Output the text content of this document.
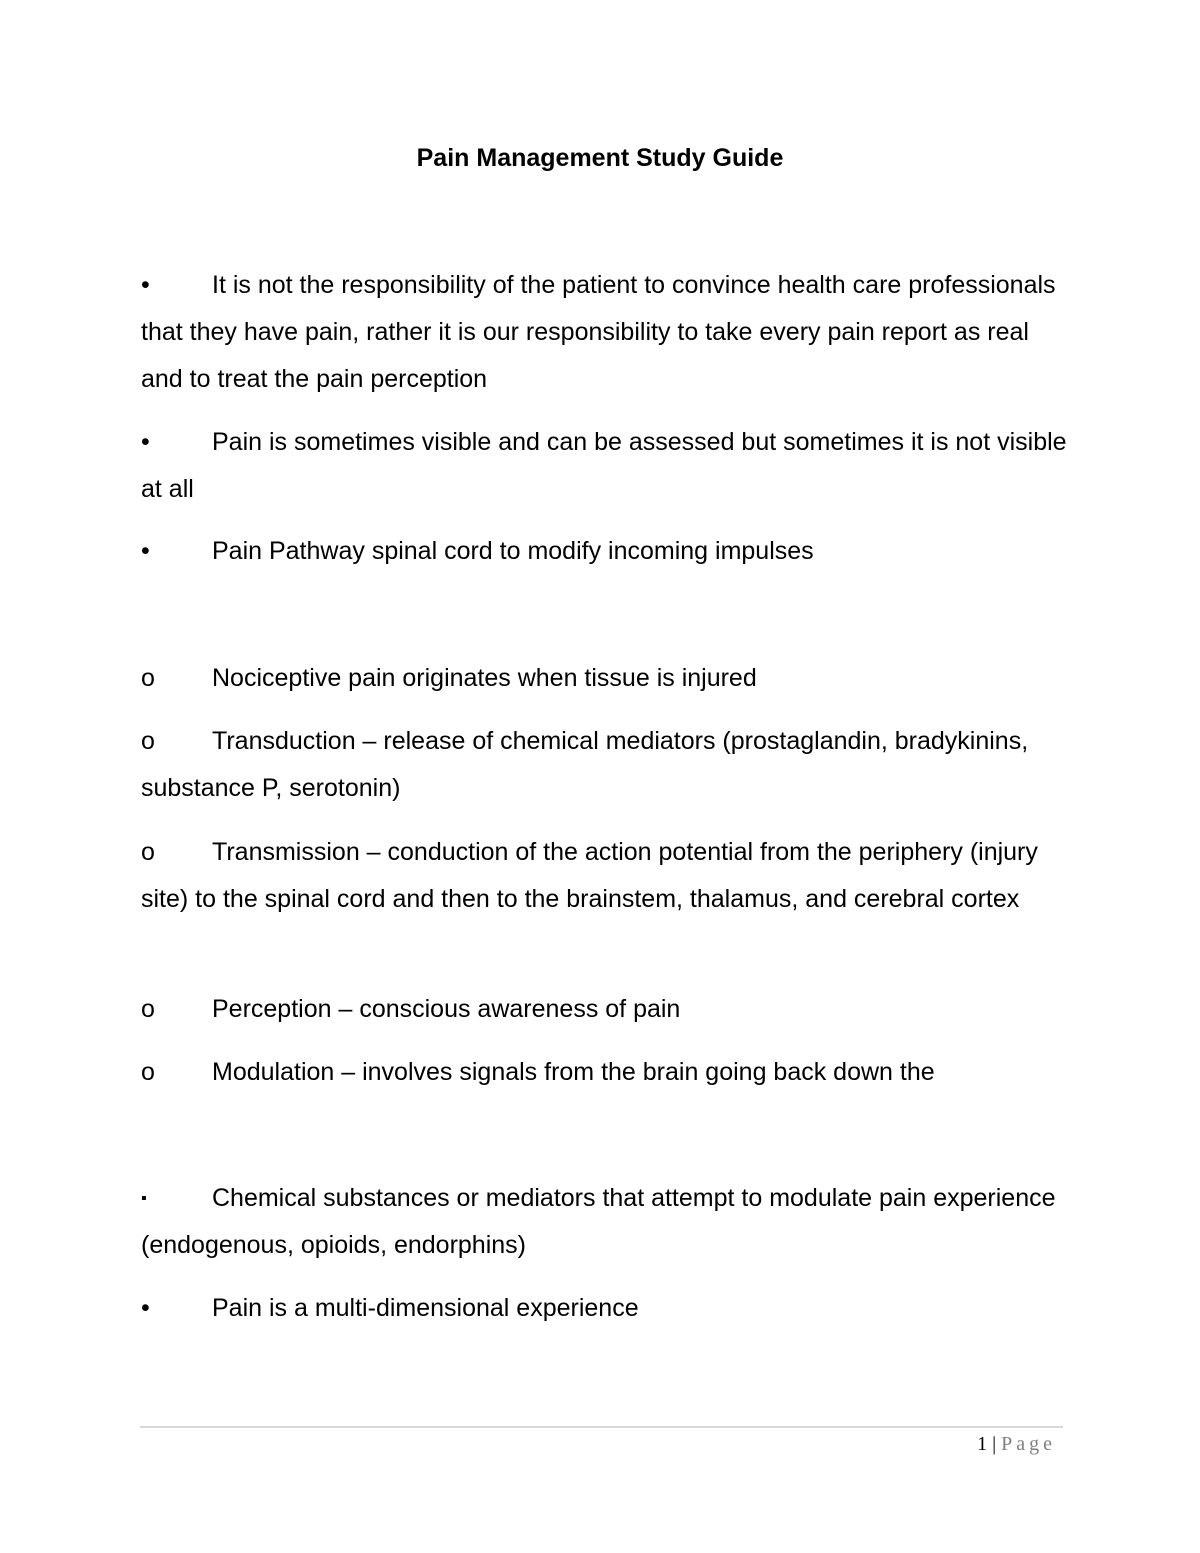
Pain Management Study Guide
•	It is not the responsibility of the patient to convince health care professionals that they have pain, rather it is our responsibility to take every pain report as real and to treat the pain perception
•	Pain is sometimes visible and can be assessed but sometimes it is not visible at all
•	Pain Pathway spinal cord to modify incoming impulses
o	Nociceptive pain originates when tissue is injured
o	Transduction – release of chemical mediators (prostaglandin, bradykinins, substance P, serotonin)
o	Transmission – conduction of the action potential from the periphery (injury site) to the spinal cord and then to the brainstem, thalamus, and cerebral cortex
o	Perception – conscious awareness of pain
o	Modulation – involves signals from the brain going back down the
▪	Chemical substances or mediators that attempt to modulate pain experience (endogenous, opioids, endorphins)
•	Pain is a multi-dimensional experience
1 | Page
